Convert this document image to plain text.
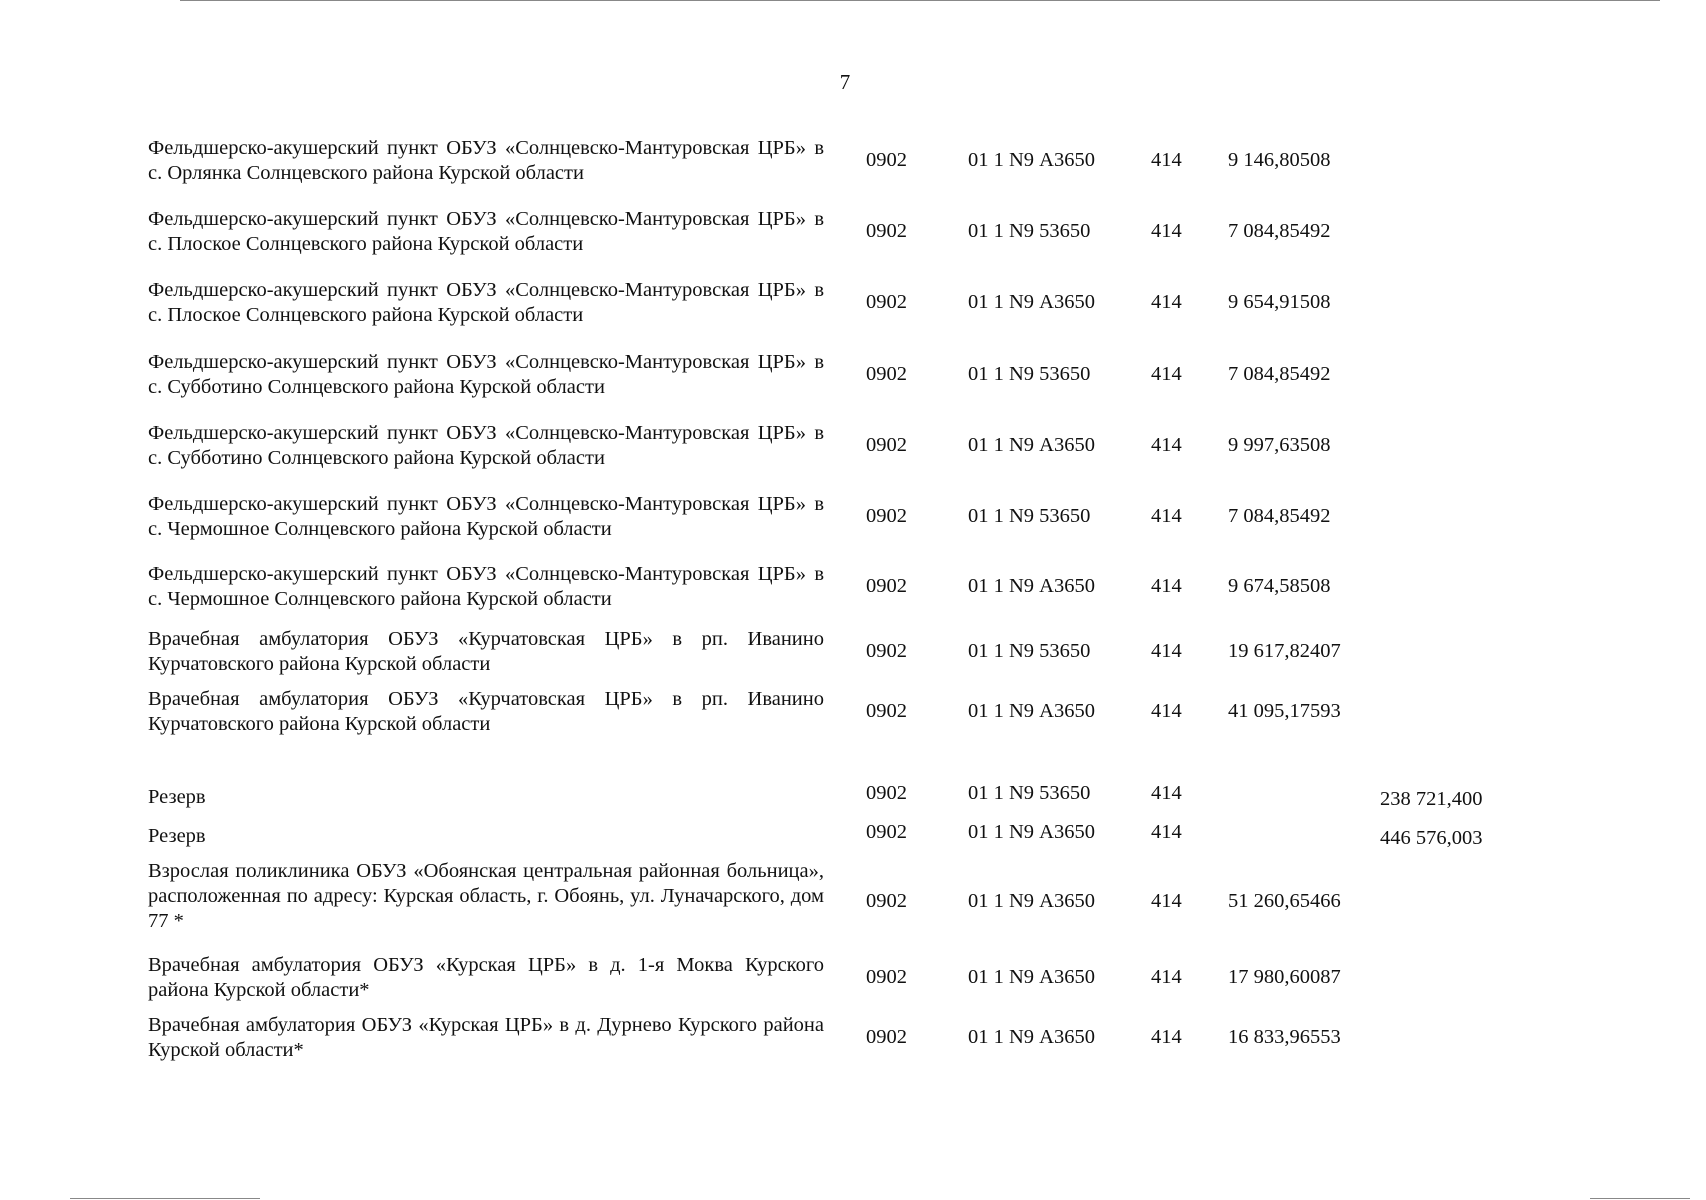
7
Фельдшерско-акушерский пункт ОБУЗ «Солнцевско-Мантуровская ЦРБ» в с. Орлянка Солнцевского района Курской области
0902	01 1 N9 А3650	414 9 146,80508
Фельдшерско-акушерский пункт ОБУЗ «Солнцевско-Мантуровская ЦРБ» в с. Плоское Солнцевского района Курской области
0902	01 1 N9 53650	414 7 084,85492
Фельдшерско-акушерский пункт ОБУЗ «Солнцевско-Мантуровская ЦРБ» в с. Плоское Солнцевского района Курской области
0902	01 1 N9 А3650	414 9 654,91508
Фельдшерско-акушерский пункт ОБУЗ «Солнцевско-Мантуровская ЦРБ» в с. Субботино Солнцевского района Курской области
0902	01 1 N9 53650	414 7 084,85492
Фельдшерско-акушерский пункт ОБУЗ «Солнцевско-Мантуровская ЦРБ» в с. Субботино Солнцевского района Курской области
0902	01 1 N9 А3650	414 9 997,63508
Фельдшерско-акушерский пункт ОБУЗ «Солнцевско-Мантуровская ЦРБ» в с. Чермошное Солнцевского района Курской области
0902	01 1 N9 53650	414 7 084,85492
Фельдшерско-акушерский пункт ОБУЗ «Солнцевско-Мантуровская ЦРБ» в с. Чермошное Солнцевского района Курской области
0902	01 1 N9 А3650	414 9 674,58508
Врачебная амбулатория ОБУЗ «Курчатовская ЦРБ» в рп. Иванино Курчатовского района Курской области
0902	01 1 N9 53650	414 19 617,82407
Врачебная амбулатория ОБУЗ «Курчатовская ЦРБ» в рп. Иванино Курчатовского района Курской области
0902	01 1 N9 А3650	414 41 095,17593
Резерв	0902	01 1 N9 53650	414	238 721,400
Резерв	0902	01 1 N9 А3650	414	446 576,003
Взрослая поликлиника ОБУЗ «Обоянская центральная районная больница», расположенная по адресу: Курская область, г. Обоянь, ул. Луначарского, дом 77 *
0902	01 1 N9 А3650	414 51 260,65466
Врачебная амбулатория ОБУЗ «Курская ЦРБ» в д. 1-я Моква Курского района Курской области*
0902	01 1 N9 А3650	414 17 980,60087
Врачебная амбулатория ОБУЗ «Курская ЦРБ» в д. Дурнево Курского района Курской области*
0902	01 1 N9 А3650	414 16 833,96553
